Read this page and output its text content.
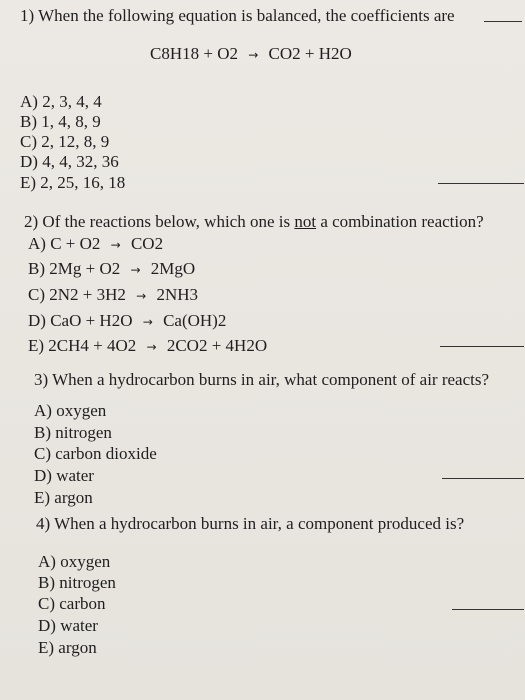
1) When the following equation is balanced, the coefficients are
C8H18 + O2 → CO2 + H2O
A) 2, 3, 4, 4
B) 1, 4, 8, 9
C) 2, 12, 8, 9
D) 4, 4, 32, 36
E) 2, 25, 16, 18
2) Of the reactions below, which one is not a combination reaction?
A) C + O2 → CO2
B) 2Mg + O2 → 2MgO
C) 2N2 + 3H2 → 2NH3
D) CaO + H2O → Ca(OH)2
E) 2CH4 + 4O2 → 2CO2 + 4H2O
3) When a hydrocarbon burns in air, what component of air reacts?
A) oxygen
B) nitrogen
C) carbon dioxide
D) water
E) argon
4) When a hydrocarbon burns in air, a component produced is?
A) oxygen
B) nitrogen
C) carbon
D) water
E) argon
